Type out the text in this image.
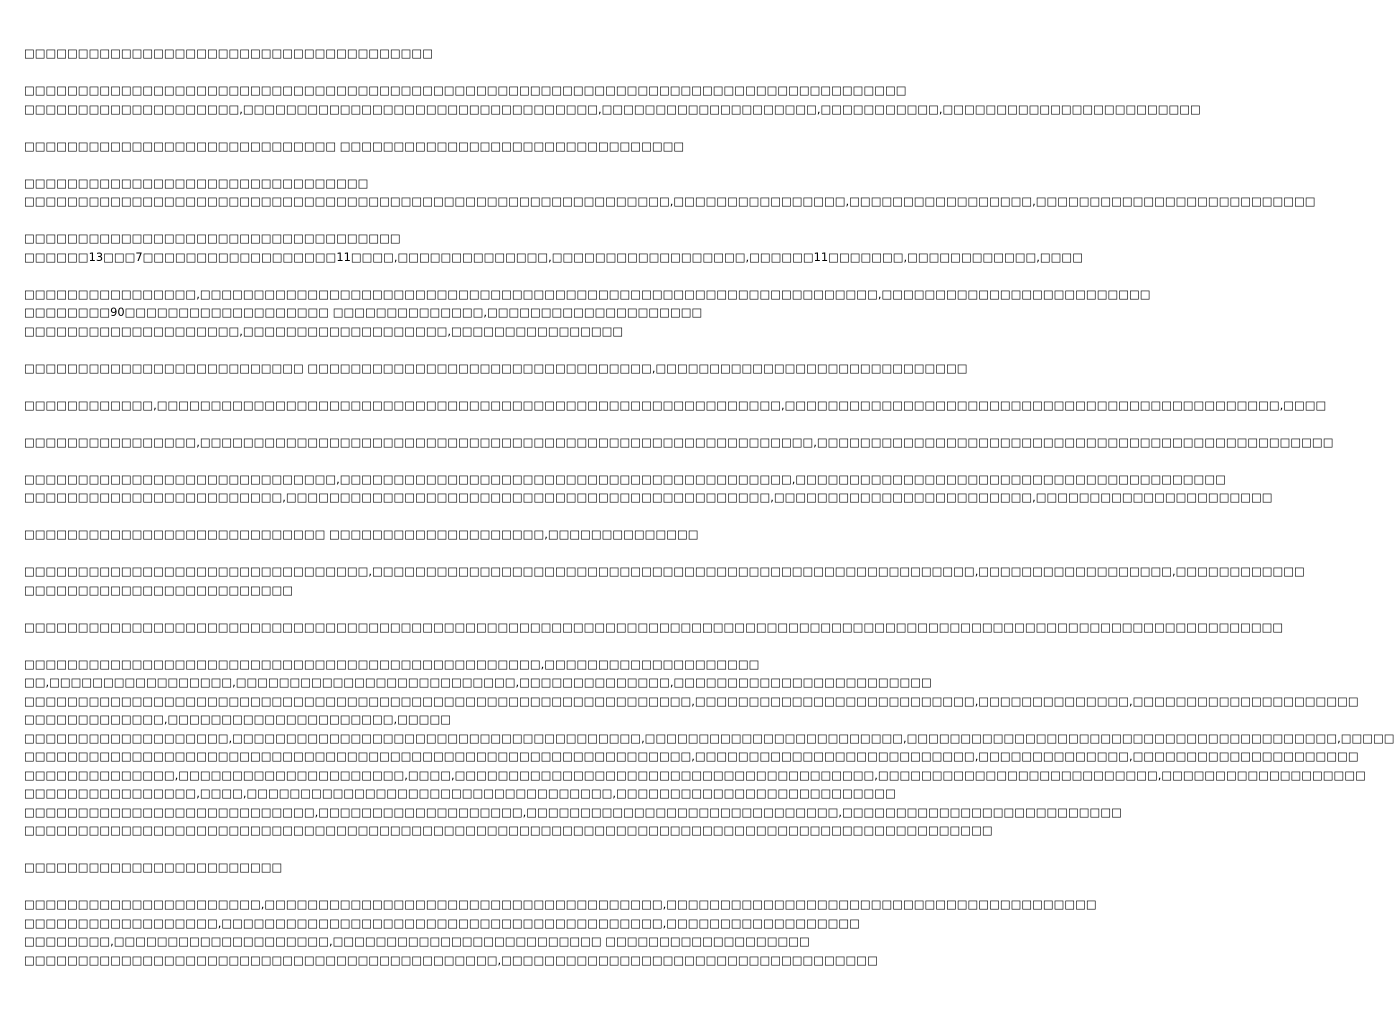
□□□□□□□□□□□□□□□□□□□□□□□□□□□□□□□□□□□□□□
□□□□□□□□□□□□□□□□□□□□□□□□□□□□□□□□□□□□□□□□□□□□□□□□□□□□□□□□□□□□□□□□□□□□□□□□□□□□□□□□□□
□□□□□□□□□□□□□□□□□□□□,□□□□□□□□□□□□□□□□□□□□□□□□□□□□□□□□□,□□□□□□□□□□□□□□□□□□□□,□□□□□□□□□□□,□□□□□□□□□□□□□□□□□□□□□□□□
□□□□□□□□□□□□□□□□□□□□□□□□□□□□□ □□□□□□□□□□□□□□□□□□□□□□□□□□□□□□□□
□□□□□□□□□□□□□□□□□□□□□□□□□□□□□□□□
□□□□□□□□□□□□□□□□□□□□□□□□□□□□□□□□□□□□□□□□□□□□□□□□□□□□□□□□□□□□,□□□□□□□□□□□□□□□□,□□□□□□□□□□□□□□□□□,□□□□□□□□□□□□□□□□□□□□□□□□□□
□□□□□□□□□□□□□□□□□□□□□□□□□□□□□□□□□□□
□□□□□□13□□□7□□□□□□□□□□□□□□□□□□11□□□□,□□□□□□□□□□□□□□,□□□□□□□□□□□□□□□□□□,□□□□□□11□□□□□□□,□□□□□□□□□□□□,□□□□
□□□□□□□□□□□□□□□□,□□□□□□□□□□□□□□□□□□□□□□□□□□□□□□□□□□□□□□□□□□□□□□□□□□□□□□□□□□□□□□□,□□□□□□□□□□□□□□□□□□□□□□□□□
□□□□□□□□90□□□□□□□□□□□□□□□□□□□ □□□□□□□□□□□□□□,□□□□□□□□□□□□□□□□□□□□
□□□□□□□□□□□□□□□□□□□□,□□□□□□□□□□□□□□□□□□□,□□□□□□□□□□□□□□□□
□□□□□□□□□□□□□□□□□□□□□□□□□□ □□□□□□□□□□□□□□□□□□□□□□□□□□□□□□□□,□□□□□□□□□□□□□□□□□□□□□□□□□□□□□
□□□□□□□□□□□□,□□□□□□□□□□□□□□□□□□□□□□□□□□□□□□□□□□□□□□□□□□□□□□□□□□□□□□□□□□,□□□□□□□□□□□□□□□□□□□□□□□□□□□□□□□□□□□□□□□□□□□□□□,□□□□
□□□□□□□□□□□□□□□□,□□□□□□□□□□□□□□□□□□□□□□□□□□□□□□□□□□□□□□□□□□□□□□□□□□□□□□□□□,□□□□□□□□□□□□□□□□□□□□□□□□□□□□□□□□□□□□□□□□□□□□□□□□
□□□□□□□□□□□□□□□□□□□□□□□□□□□□□,□□□□□□□□□□□□□□□□□□□□□□□□□□□□□□□□□□□□□□□□□□,□□□□□□□□□□□□□□□□□□□□□□□□□□□□□□□□□□□□□□□□
□□□□□□□□□□□□□□□□□□□□□□□□,□□□□□□□□□□□□□□□□□□□□□□□□□□□□□□□□□□□□□□□□□□□□□,□□□□□□□□□□□□□□□□□□□□□□□□,□□□□□□□□□□□□□□□□□□□□□□
□□□□□□□□□□□□□□□□□□□□□□□□□□□□ □□□□□□□□□□□□□□□□□□□□,□□□□□□□□□□□□□□
□□□□□□□□□□□□□□□□□□□□□□□□□□□□□□□□,□□□□□□□□□□□□□□□□□□□□□□□□□□□□□□□□□□□□□□□□□□□□□□□□□□□□□□□□,□□□□□□□□□□□□□□□□□□,□□□□□□□□□□□□
□□□□□□□□□□□□□□□□□□□□□□□□□
□□□□□□□□□□□□□□□□□□□□□□□□□□□□□□□□□□□□□□□□□□□□□□□□□□□□□□□□□□□□□□□□□□□□□□□□□□□□□□□□□□□□□□□□□□□□□□□□□□□□□□□□□□□□□□□□□□□□□
□□□□□□□□□□□□□□□□□□□□□□□□□□□□□□□□□□□□□□□□□□□□□□□□,□□□□□□□□□□□□□□□□□□□□
□□,□□□□□□□□□□□□□□□□□,□□□□□□□□□□□□□□□□□□□□□□□□□□,□□□□□□□□□□□□□□,□□□□□□□□□□□□□□□□□□□□□□□□
□□□□□□□□□□□□□□□□□□□□□□□□□□□□□□□□□□□□□□□□□□□□□□□□□□□□□□□□□□□□□□,□□□□□□□□□□□□□□□□□□□□□□□□□□,□□□□□□□□□□□□□□,□□□□□□□□□□□□□□□□□□□□□
□□□□□□□□□□□□□,□□□□□□□□□□□□□□□□□□□□□,□□□□□
□□□□□□□□□□□□□□□□□□□,□□□□□□□□□□□□□□□□□□□□□□□□□□□□□□□□□□□□□□,□□□□□□□□□□□□□□□□□□□□□□□□,□□□□□□□□□□□□□□□□□□□□□□□□□□□□□□□□□□□□□□□□,□□□□□
□□□□□□□□□□□□□□□□□□□□□□□□□□□□□□□□□□□□□□□□□□□□□□□□□□□□□□□□□□□□□□,□□□□□□□□□□□□□□□□□□□□□□□□□□,□□□□□□□□□□□□□□,□□□□□□□□□□□□□□□□□□□□□
□□□□□□□□□□□□□□,□□□□□□□□□□□□□□□□□□□□□,□□□□,□□□□□□□□□□□□□□□□□□□□□□□□□□□□□□□□□□□□□□□,□□□□□□□□□□□□□□□□□□□□□□□□□□,□□□□□□□□□□□□□□□□□□□
□□□□□□□□□□□□□□□□,□□□□,□□□□□□□□□□□□□□□□□□□□□□□□□□□□□□□□□□,□□□□□□□□□□□□□□□□□□□□□□□□□□
□□□□□□□□□□□□□□□□□□□□□□□□□□□,□□□□□□□□□□□□□□□□□□□,□□□□□□□□□□□□□□□□□□□□□□□□□□□□□,□□□□□□□□□□□□□□□□□□□□□□□□□□
□□□□□□□□□□□□□□□□□□□□□□□□□□□□□□□□□□□□□□□□□□□□□□□□□□□□□□□□□□□□□□□□□□□□□□□□□□□□□□□□□□□□□□□□□□
□□□□□□□□□□□□□□□□□□□□□□□□
□□□□□□□□□□□□□□□□□□□□□□,□□□□□□□□□□□□□□□□□□□□□□□□□□□□□□□□□□□□□,□□□□□□□□□□□□□□□□□□□□□□□□□□□□□□□□□□□□□□□□
□□□□□□□□□□□□□□□□□□,□□□□□□□□□□□□□□□□□□□□□□□□□□□□□□□□□□□□□□□□□,□□□□□□□□□□□□□□□□□□
□□□□□□□□,□□□□□□□□□□□□□□□□□□□□,□□□□□□□□□□□□□□□□□□□□□□□□□ □□□□□□□□□□□□□□□□□□□
□□□□□□□□□□□□□□□□□□□□□□□□□□□□□□□□□□□□□□□□□□□□,□□□□□□□□□□□□□□□□□□□□□□□□□□□□□□□□□□□
